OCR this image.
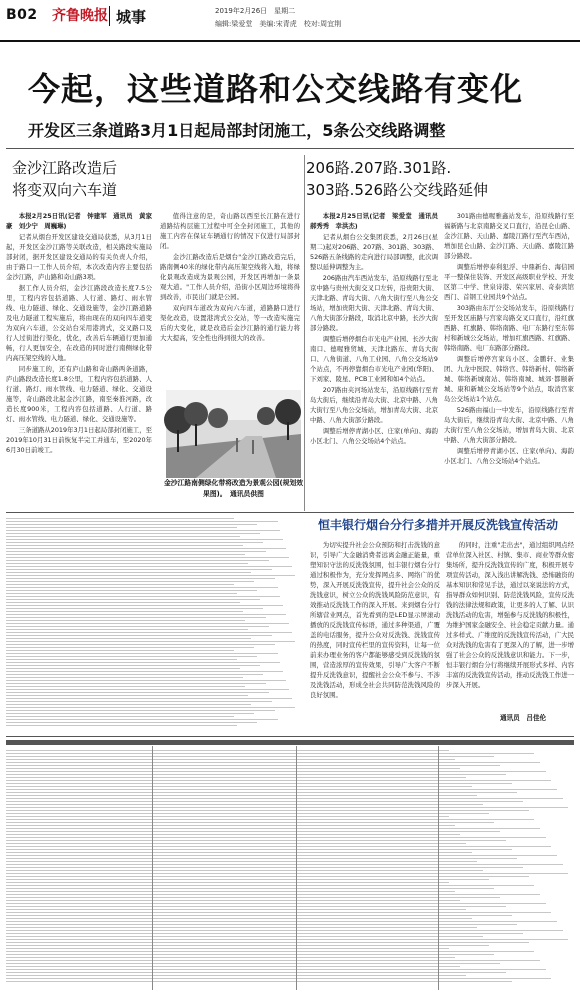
B02 齐鲁晚报 城事	2019年2月26日　星期二
编辑:梁爱堂　美编:宋青虎　校对:周宜荆
今起，这些道路和公交线路有变化
开发区三条道路3月1日起局部封闭施工，5条公交线路调整
金沙江路改造后
将变双向六车道
206路.207路.301路.
303路.526路公交线路延伸

本报2月25日讯(记者　钟建军　通讯员　黄家豪　刘少宁　周巍琳)

记者从烟台开发区建设交通局获悉，从3月1日起，开发区金沙江路等关联改造，相关路段实施局部封闭，据开发区建设交通局的有关负责人介绍，由于路口一工作人员介绍，本次改造内容主要包括金沙江路，庐山路和奇山路3项。

据工作人员介绍，金沙江路段改造长度7.5公里，工程内容包括道路、人行道、路灯、雨水管线、电力隧道、绿化、交通设施等，金沙江路道路及电力隧道工程实施后，将由现在的双向四车道变为双向六车道，公交站台采用港湾式，交叉路口及行人过街进行渠化，优化，改善后车辆通行更加通畅，行人更加安全，在改造的同时进行南侧绿化带内高压架空线的入地。

同步施工的，还有庐山路和奇山路两条道路，庐山路段改造长度1.8公里，工程内容包括道路、人行道、路灯、雨水管线、电力隧道、绿化、交通设施等，奇山路段北起金沙江路，南至秦淮河路，改造长度900米，工程内容包括道路、人行道、路灯、雨水管线、电力隧道、绿化、交通设施等。

三条道路从2019年3月1日起局部封闭施工，至2019年10月31日前恢复半完工并通车，至2020年6月30日前竣工。

值得注意的是，奇山路以西至长江路在进行道路结构层施工过程中可全全封闭施工，其他的施工内容在保证车辆通行的情况下仅进行局部封闭。

金沙江路改造后是烟台"金沙江路改造完后，路南侧40米的绿化带内高压架空线将入地，将绿化景观改造成为景观公园，开发区再增加一条景观大道。"工作人员介绍，沿街小区周边环境将得到改善，市民出门就是公园。

双向四车道改为双向六车道，道路路口进行渠化改造，设置港湾式公交站，等一改造实施完后的大变化，就是改造后金沙江路的通行能力将大大提高，安全性也得到很大的改善。

金沙江路南侧绿化带将改造为景观公园(规划效果图)。　通讯员供图

本报2月25日讯(记者　梁爱堂　通讯员　郝秀秀　幸洪杰)

记者从烟台公交集团获悉，2月26日(星期二)起对206路、207路、301路、303路、526路五条线路的走向进行局部调整，此次调整以延伸调整为主。

206路由汽车西站发车，沿原线路行至北京中路与贵州大街交叉口左转，沿贵阳大街、天津北路、青岛大街、八角大街行至八角公交场站，增加贵阳大街、天津北路、青岛大街、八角大街部分路段，取消北京中路，长沙大街部分路段。

调整后增停烟台市光电产业园、长沙大街南口、德喔雅贸城、天津北路东、青岛大街口、八角街道、八角工业园、八角公交场站9个站点，不再停靠烟台市光电产业园(华阳)、下刘家、陵星、PCB工业园和如4个站点。

207路由夹河场站发车，沿原线路行至青岛大街后，继续沿青岛大街、北京中路、八角大街行至八角公交场站，增加青岛大街、北京中路、八角大街部分路段。

调整后增停青湖小区、庄家(单向)、海韵小区北门、八角公交场站4个站点。

301路由德喔雅鑫站发车，沿原线路行至福新路与北京南路交叉口直行，沿昆仑山路、金沙江路、天山路、嘉陵江路行至汽车西站，增加昆仑山路、金沙江路、天山路、嘉陵江路部分路段。

调整后增停泰利犯浮、中鼎新台、海信园平一整保住装饰、开发区高级职业学校、开发区第二中学、世泉诗港、荣兴家居、奇泰宾馆西门、首钢工业园共9个站点。

303路由东厅公交场站发车，沿原线路行至开发区庙路与宫家岛路交叉口直行，沿红旗西路、红旗路、韩络南路、电厂东路行至东韩村和新城公交场站，增加红旗西路、红旗路、韩络南路、电厂东路部分路段。

调整后增停宫家岛小区、金鹏轩、业集团、九龙中医院、韩络宫、韩络新村、韩络新城、韩络新城南站、韩络南城、城郊·都颐新城、康和新城公交场站等9个站点，取消宫家岛公交场站1个站点。

526路由福山一中发车，沿原线路行至青岛大街后，继续沿青岛大街、北京中路、八角大街行至八角公交场站，增加青岛大街、北京中路、八角大街部分路段。

调整后增停青湖小区、庄家(单向)、海韵小区北门、八角公交场站4个站点。

恒丰银行烟台分行多措并开展反洗钱宣传活动

为切实提升社会公众预防和打击洗钱的意识，引导广大金融消费者远离金融正能量，重塑知识守法的反洗钱氛围，恒丰银行烟台分行通过积极作为，充分发挥网点多、网络广的优势，深入开展反洗钱宣传，提升社会公众的反洗钱意识，树立公众的洗钱风险防范意识，有效推动反洗钱工作的深入开展。来到烟台分行所辖营业网点，首先看到的是LED显示屏滚动播放的反洗钱宣传标语，通过多种渠道，广覆盖的电话服务，提升公众对反洗钱、洗钱宣传的热度，同时宣传栏里的宣传资料，让每一位前来办理业务的客户都能够感受到反洗钱的氛围，营造浓厚的宣传效果，引导广大客户不断提升反洗钱意识，提醒社会公众不参与、不涉及洗钱活动，形成全社会共同防范洗钱风险的良好氛围。

的同时，注重"走出去"，通过组织网点经营单位深入社区、村镇、集市、商业等群众密集场所，提升反洗钱宣传的广度，积极开展专项宣传活动，深入浅出讲解洗钱、恐怖融资的基本知识和常见手法，通过以案说法的方式，指导群众如何识别、防范洗钱风险，宣传反洗钱的法律法规和政策，让更多的人了解、认识洗钱活动的危害，增强参与反洗钱的积极性，为维护国家金融安全、社会稳定贡献力量。通过多样式、广维度的反洗钱宣传活动，广大民众对洗钱的危害有了更深入的了解，进一步增强了社会公众的反洗钱意识和能力。下一步，恒丰银行烟台分行将继续开展形式多样、内容丰富的反洗钱宣传活动，推动反洗钱工作进一步深入开展。

通讯员　吕佳伦
